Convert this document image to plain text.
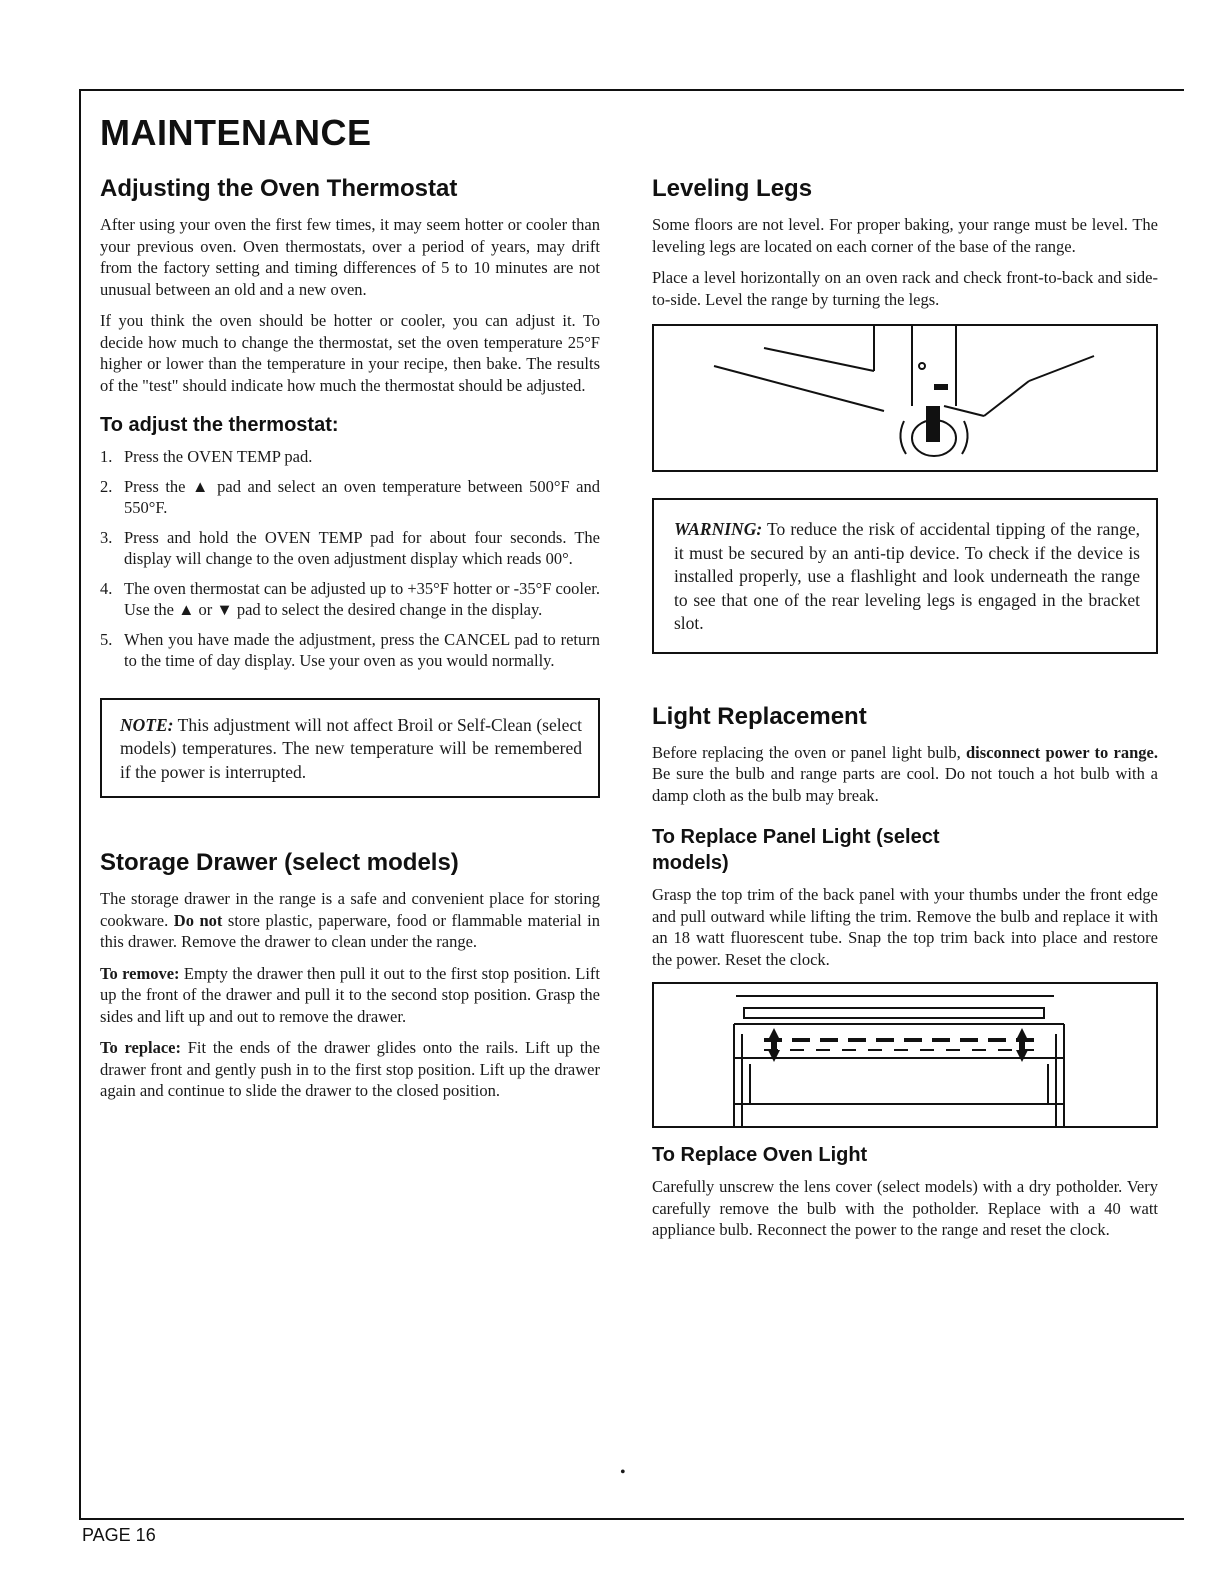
MAINTENANCE
Adjusting the Oven Thermostat

After using your oven the first few times, it may seem hotter or cooler than your previous oven. Oven thermostats, over a period of years, may drift from the factory setting and timing differences of 5 to 10 minutes are not unusual between an old and a new oven.

If you think the oven should be hotter or cooler, you can adjust it. To decide how much to change the thermostat, set the oven temperature 25°F higher or lower than the temperature in your recipe, then bake. The results of the "test" should indicate how much the thermostat should be adjusted.

To adjust the thermostat:
1. Press the OVEN TEMP pad.
2. Press the ▲ pad and select an oven temperature between 500°F and 550°F.
3. Press and hold the OVEN TEMP pad for about four seconds. The display will change to the oven adjustment display which reads 00°.
4. The oven thermostat can be adjusted up to +35°F hotter or -35°F cooler. Use the ▲ or ▼ pad to select the desired change in the display.
5. When you have made the adjustment, press the CANCEL pad to return to the time of day display. Use your oven as you would normally.

NOTE: This adjustment will not affect Broil or Self-Clean (select models) temperatures. The new temperature will be remembered if the power is interrupted.

Storage Drawer (select models)

The storage drawer in the range is a safe and convenient place for storing cookware. Do not store plastic, paperware, food or flammable material in this drawer. Remove the drawer to clean under the range.

To remove: Empty the drawer then pull it out to the first stop position. Lift up the front of the drawer and pull it to the second stop position. Grasp the sides and lift up and out to remove the drawer.

To replace: Fit the ends of the drawer glides onto the rails. Lift up the drawer front and gently push in to the first stop position. Lift up the drawer again and continue to slide the drawer to the closed position.

Leveling Legs

Some floors are not level. For proper baking, your range must be level. The leveling legs are located on each corner of the base of the range.

Place a level horizontally on an oven rack and check front-to-back and side-to-side. Level the range by turning the legs.

WARNING: To reduce the risk of accidental tipping of the range, it must be secured by an anti-tip device. To check if the device is installed properly, use a flashlight and look underneath the range to see that one of the rear leveling legs is engaged in the bracket slot.

Light Replacement

Before replacing the oven or panel light bulb, disconnect power to range. Be sure the bulb and range parts are cool. Do not touch a hot bulb with a damp cloth as the bulb may break.

To Replace Panel Light (select models)

Grasp the top trim of the back panel with your thumbs under the front edge and pull outward while lifting the trim. Remove the bulb and replace it with an 18 watt fluorescent tube. Snap the top trim back into place and restore the power. Reset the clock.

To Replace Oven Light

Carefully unscrew the lens cover (select models) with a dry potholder. Very carefully remove the bulb with the potholder. Replace with a 40 watt appliance bulb. Reconnect the power to the range and reset the clock.

•
PAGE 16
